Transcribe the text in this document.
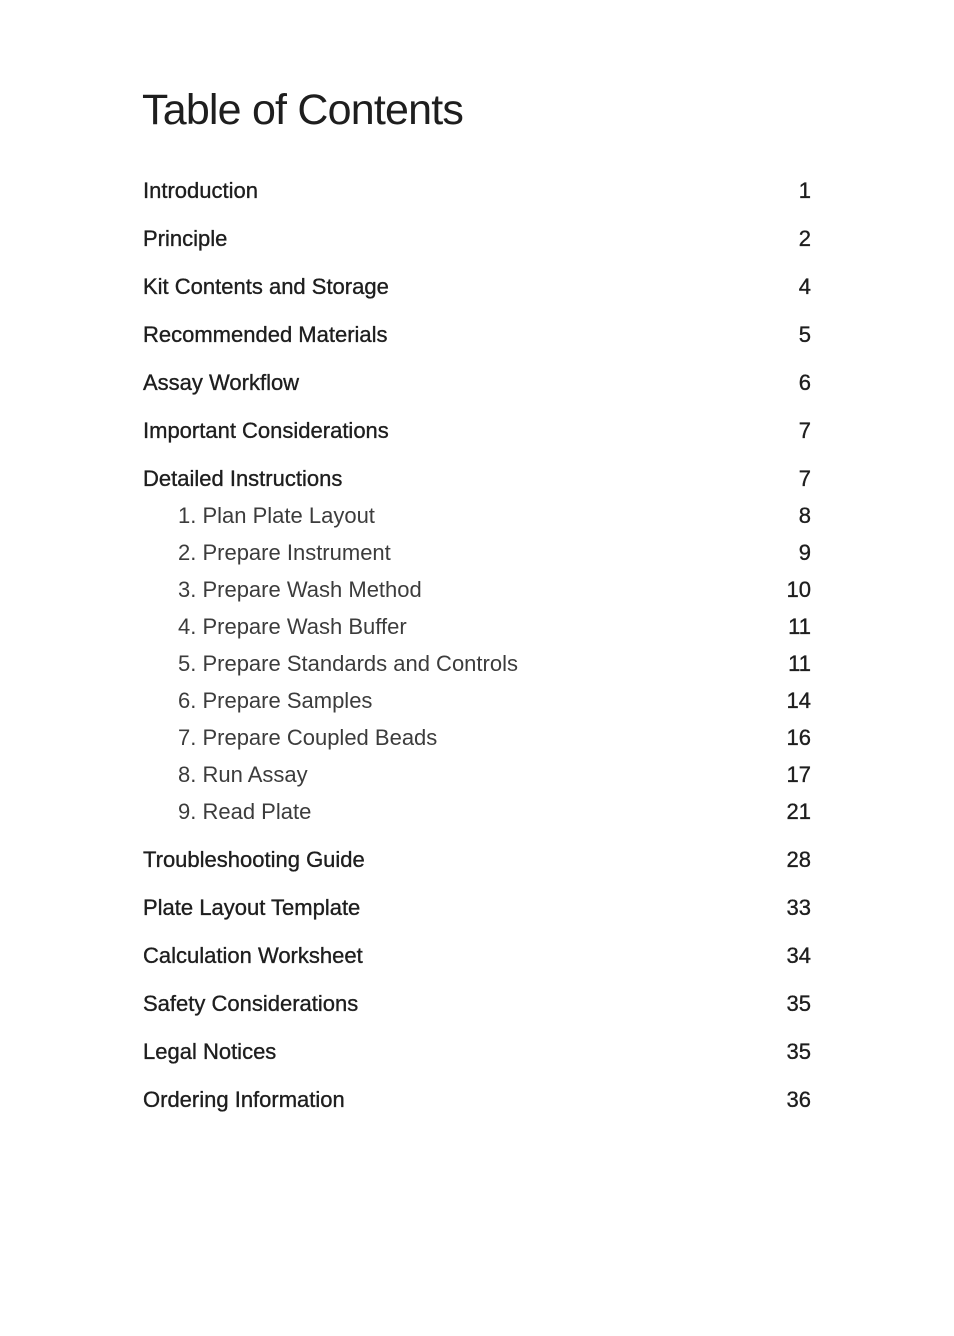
Table of Contents
Introduction	1
Principle	2
Kit Contents and Storage	4
Recommended Materials	5
Assay Workflow	6
Important Considerations	7
Detailed Instructions	7
1. Plan Plate Layout	8
2. Prepare Instrument	9
3. Prepare Wash Method	10
4. Prepare Wash Buffer	11
5. Prepare Standards and Controls	11
6. Prepare Samples	14
7. Prepare Coupled Beads	16
8. Run Assay	17
9. Read Plate	21
Troubleshooting Guide	28
Plate Layout Template	33
Calculation Worksheet	34
Safety Considerations	35
Legal Notices	35
Ordering Information	36
